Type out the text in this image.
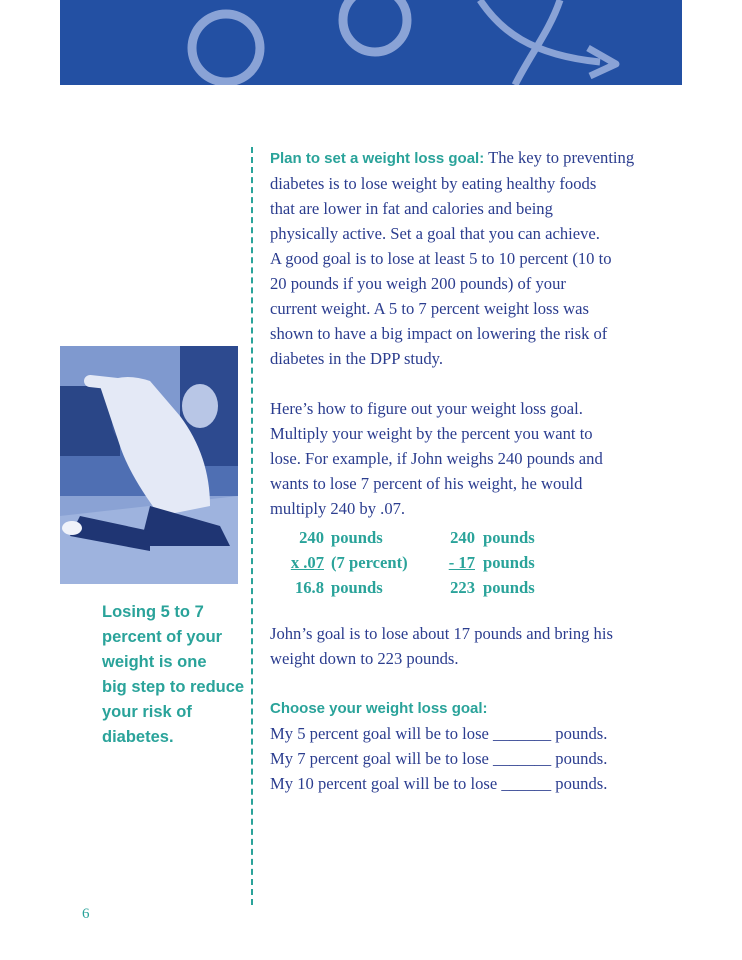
Losing 5 to 7
percent of your
weight is one
big step to reduce
your risk of
diabetes.
Plan to set a weight loss goal: The key to preventing
diabetes is to lose weight by eating healthy foods
that are lower in fat and calories and being
physically active. Set a goal that you can achieve.
A good goal is to lose at least 5 to 10 percent (10 to
20 pounds if you weigh 200 pounds) of your
current weight. A 5 to 7 percent weight loss was
shown to have a big impact on lowering the risk of
diabetes in the DPP study.
Here’s how to figure out your weight loss goal.
Multiply your weight by the percent you want to
lose. For example, if John weighs 240 pounds and
wants to lose 7 percent of his weight, he would
multiply 240 by .07.
240 pounds
x .07 (7 percent)
16.8 pounds
240 pounds
- 17 pounds
223 pounds
John’s goal is to lose about 17 pounds and bring his
weight down to 223 pounds.
Choose your weight loss goal:
My 5 percent goal will be to lose _______ pounds.
My 7 percent goal will be to lose _______ pounds.
My 10 percent goal will be to lose ______ pounds.
6
